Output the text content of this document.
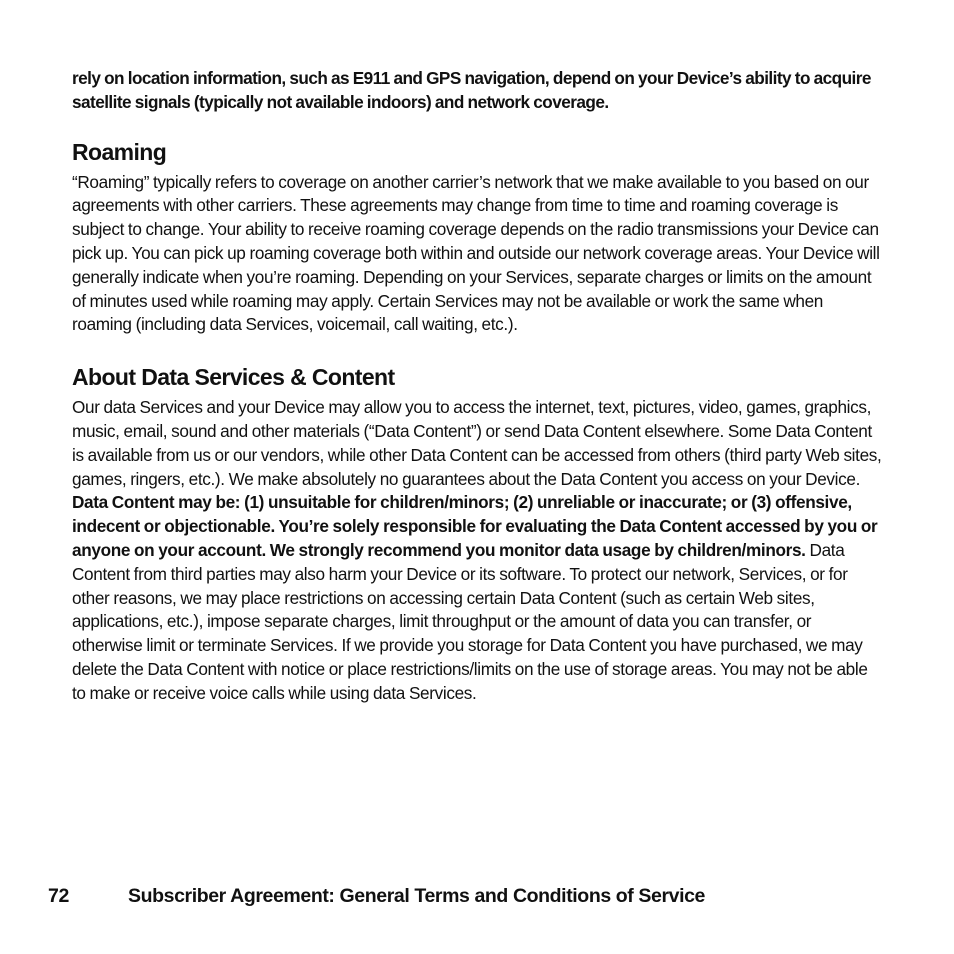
rely on location information, such as E911 and GPS navigation, depend on your Device’s ability to acquire satellite signals (typically not available indoors) and network coverage.

Roaming

“Roaming” typically refers to coverage on another carrier’s network that we make available to you based on our agreements with other carriers. These agreements may change from time to time and roaming coverage is subject to change. Your ability to receive roaming coverage depends on the radio transmissions your Device can pick up. You can pick up roaming coverage both within and outside our network coverage areas. Your Device will generally indicate when you’re roaming. Depending on your Services, separate charges or limits on the amount of minutes used while roaming may apply. Certain Services may not be available or work the same when roaming (including data Services, voicemail, call waiting, etc.).

About Data Services & Content

Our data Services and your Device may allow you to access the internet, text, pictures, video, games, graphics, music, email, sound and other materials (“Data Content”) or send Data Content elsewhere. Some Data Content is available from us or our vendors, while other Data Content can be accessed from others (third party Web sites, games, ringers, etc.). We make absolutely no guarantees about the Data Content you access on your Device. Data Content may be: (1) unsuitable for children/minors; (2) unreliable or inaccurate; or (3) offensive, indecent or objectionable. You’re solely responsible for evaluating the Data Content accessed by you or anyone on your account. We strongly recommend you monitor data usage by children/minors. Data Content from third parties may also harm your Device or its software. To protect our network, Services, or for other reasons, we may place restrictions on accessing certain Data Content (such as certain Web sites, applications, etc.), impose separate charges, limit throughput or the amount of data you can transfer, or otherwise limit or terminate Services. If we provide you storage for Data Content you have purchased, we may delete the Data Content with notice or place restrictions/limits on the use of storage areas. You may not be able to make or receive voice calls while using data Services.

72	Subscriber Agreement: General Terms and Conditions of Service
